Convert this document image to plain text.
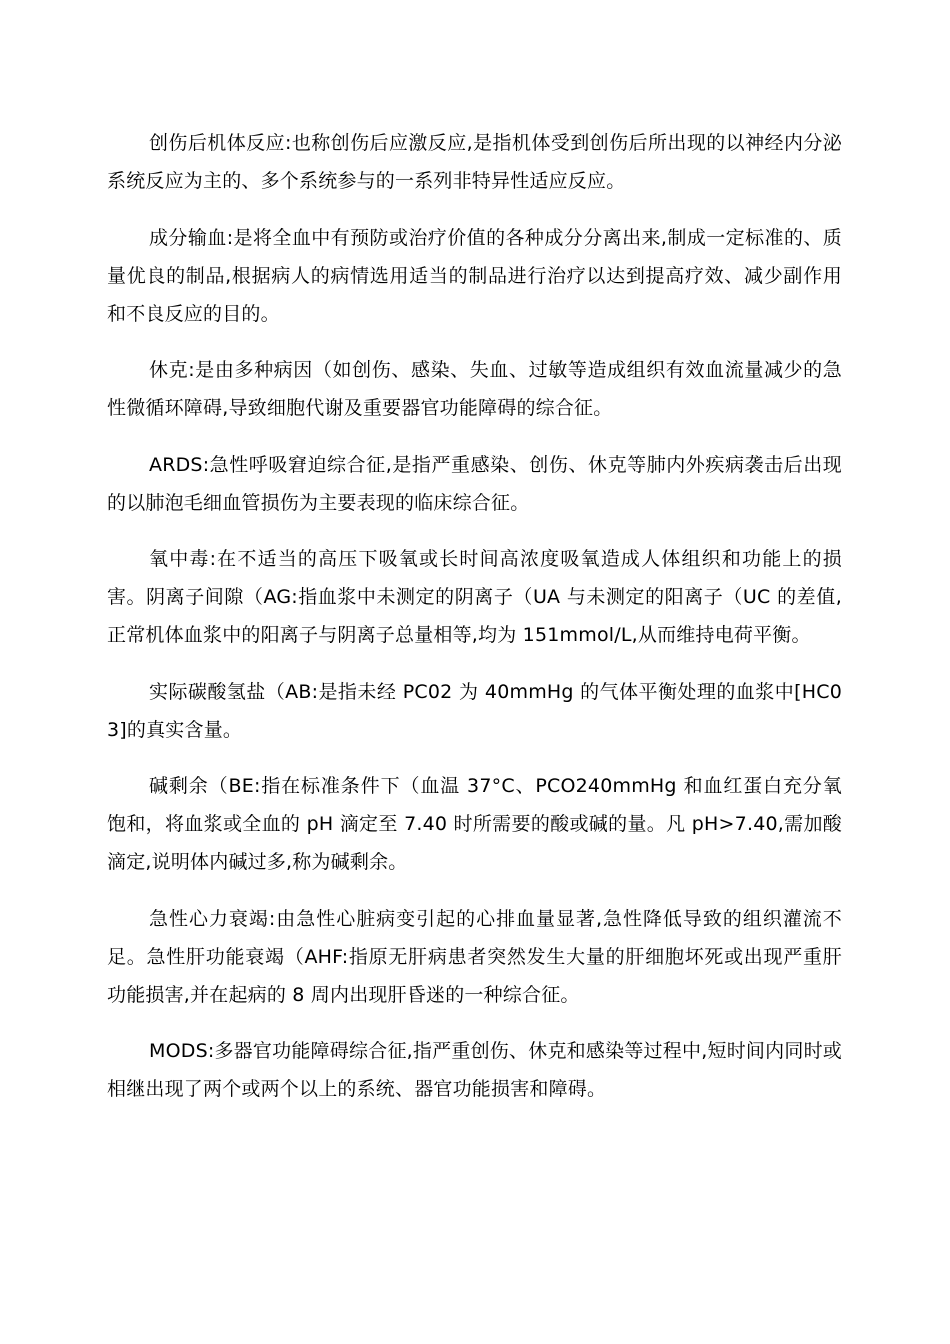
创伤后机体反应:也称创伤后应激反应,是指机体受到创伤后所出现的以神经内分泌系统反应为主的、多个系统参与的一系列非特异性适应反应。

成分输血:是将全血中有预防或治疗价值的各种成分分离出来,制成一定标准的、质量优良的制品,根据病人的病情选用适当的制品进行治疗以达到提高疗效、减少副作用和不良反应的目的。

休克:是由多种病因（如创伤、感染、失血、过敏等造成组织有效血流量减少的急性微循环障碍,导致细胞代谢及重要器官功能障碍的综合征。

ARDS:急性呼吸窘迫综合征,是指严重感染、创伤、休克等肺内外疾病袭击后出现的以肺泡毛细血管损伤为主要表现的临床综合征。

氧中毒:在不适当的高压下吸氧或长时间高浓度吸氧造成人体组织和功能上的损害。阴离子间隙（AG:指血浆中未测定的阴离子（UA 与未测定的阳离子（UC 的差值,正常机体血浆中的阳离子与阴离子总量相等,均为 151mmol/L,从而维持电荷平衡。

实际碳酸氢盐（AB:是指未经 PC02 为 40mmHg 的气体平衡处理的血浆中[HC03]的真实含量。

碱剩余（BE:指在标准条件下（血温 37°C、PCO240mmHg 和血红蛋白充分氧饱和，将血浆或全血的 pH 滴定至 7.40 时所需要的酸或碱的量。凡 pH>7.40,需加酸滴定,说明体内碱过多,称为碱剩余。

急性心力衰竭:由急性心脏病变引起的心排血量显著,急性降低导致的组织灌流不足。急性肝功能衰竭（AHF:指原无肝病患者突然发生大量的肝细胞坏死或出现严重肝功能损害,并在起病的 8 周内出现肝昏迷的一种综合征。

MODS:多器官功能障碍综合征,指严重创伤、休克和感染等过程中,短时间内同时或相继出现了两个或两个以上的系统、器官功能损害和障碍。
